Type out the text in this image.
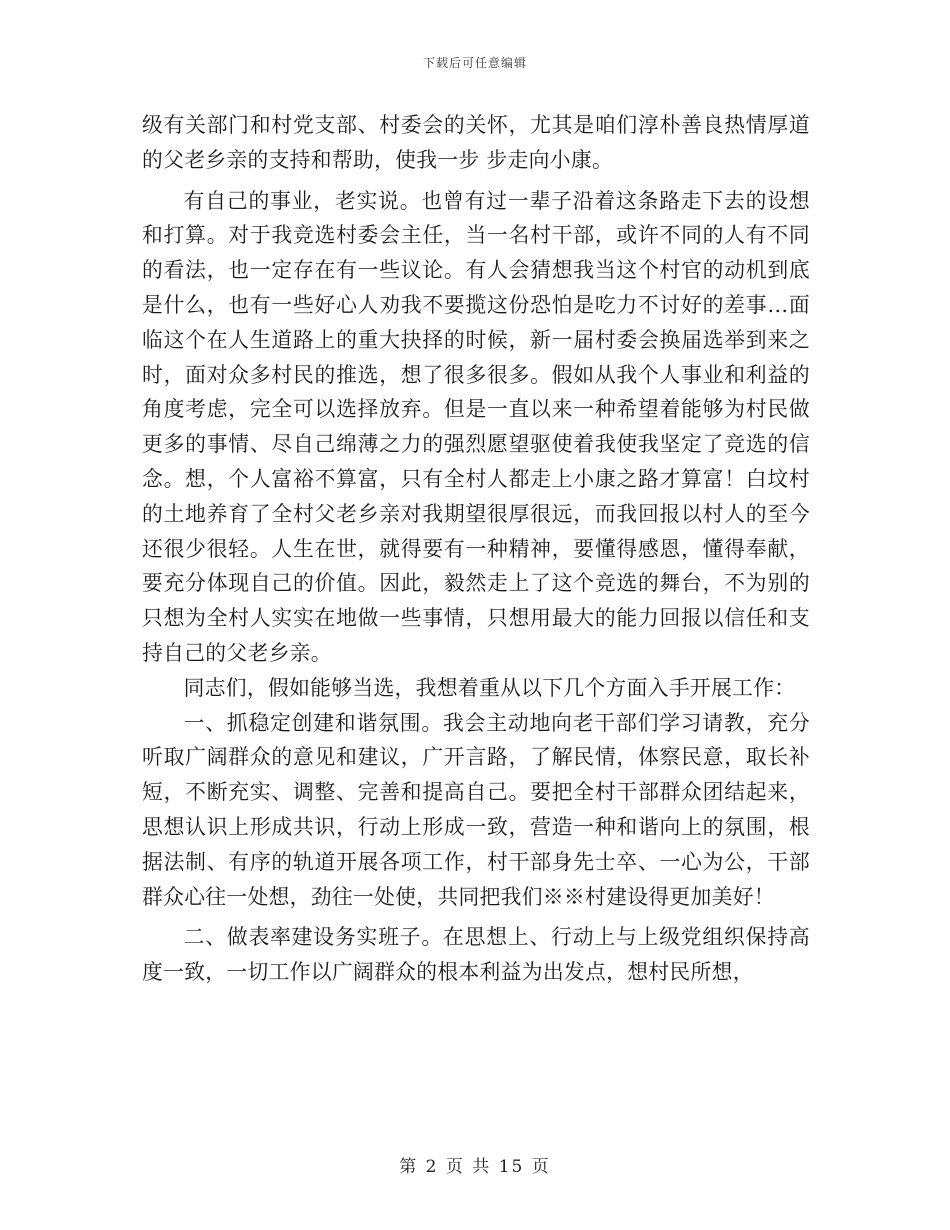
下载后可任意编辑

级有关部门和村党支部、村委会的关怀，尤其是咱们淳朴善良热情厚道的父老乡亲的支持和帮助，使我一步 步走向小康。

有自己的事业，老实说。也曾有过一辈子沿着这条路走下去的设想和打算。对于我竞选村委会主任，当一名村干部，或许不同的人有不同的看法，也一定存在有一些议论。有人会猜想我当这个村官的动机到底是什么，也有一些好心人劝我不要揽这份恐怕是吃力不讨好的差事…面临这个在人生道路上的重大抉择的时候，新一届村委会换届选举到来之时，面对众多村民的推选，想了很多很多。假如从我个人事业和利益的角度考虑，完全可以选择放弃。但是一直以来一种希望着能够为村民做更多的事情、尽自己绵薄之力的强烈愿望驱使着我使我坚定了竞选的信念。想，个人富裕不算富，只有全村人都走上小康之路才算富！白坟村的土地养育了全村父老乡亲对我期望很厚很远，而我回报以村人的至今还很少很轻。人生在世，就得要有一种精神，要懂得感恩，懂得奉献，要充分体现自己的价值。因此，毅然走上了这个竞选的舞台，不为别的只想为全村人实实在地做一些事情，只想用最大的能力回报以信任和支持自己的父老乡亲。

同志们，假如能够当选，我想着重从以下几个方面入手开展工作：

一、抓稳定创建和谐氛围。我会主动地向老干部们学习请教，充分听取广阔群众的意见和建议，广开言路，了解民情，体察民意，取长补短，不断充实、调整、完善和提高自己。要把全村干部群众团结起来，思想认识上形成共识，行动上形成一致，营造一种和谐向上的氛围，根据法制、有序的轨道开展各项工作，村干部身先士卒、一心为公，干部群众心往一处想，劲往一处使，共同把我们※※村建设得更加美好！

二、做表率建设务实班子。在思想上、行动上与上级党组织保持高度一致，一切工作以广阔群众的根本利益为出发点，想村民所想，

第 2 页 共 15 页
